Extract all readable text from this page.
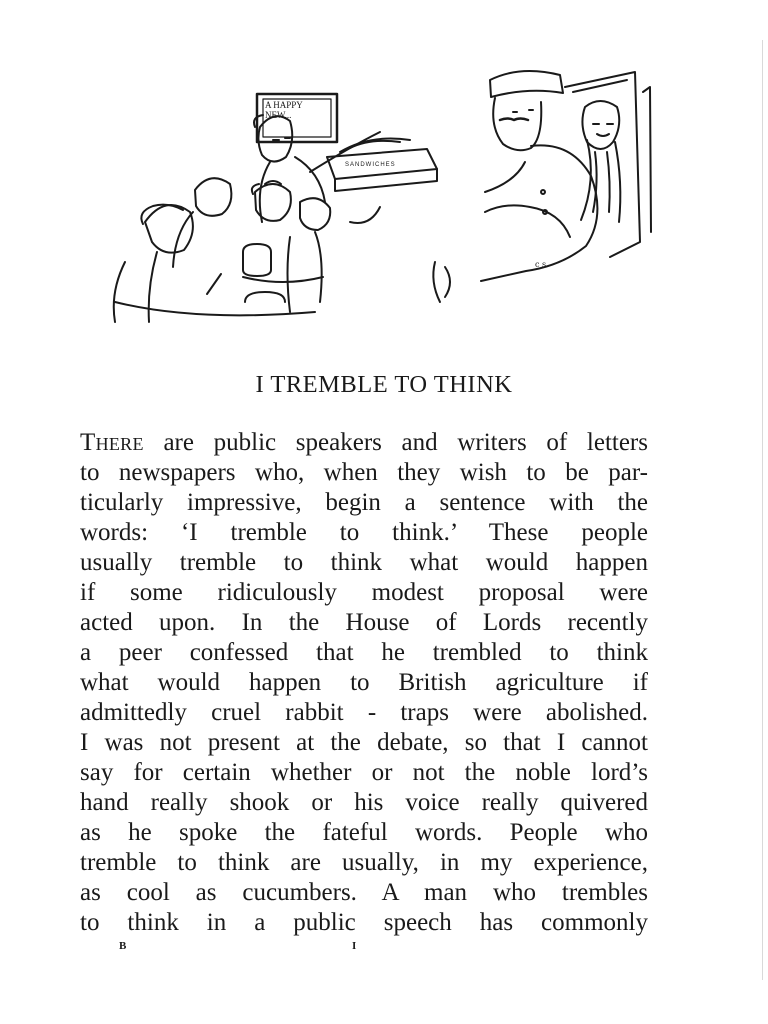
c s
A HAPPY NEW...
SANDWICHES
I TREMBLE TO THINK
There are public speakers and writers of letters
to newspapers who, when they wish to be par-
ticularly impressive, begin a sentence with the
words: ‘I tremble to think.’ These people
usually tremble to think what would happen
if some ridiculously modest proposal were
acted upon. In the House of Lords recently
a peer confessed that he trembled to think
what would happen to British agriculture if
admittedly cruel rabbit - traps were abolished.
I was not present at the debate, so that I cannot
say for certain whether or not the noble lord’s
hand really shook or his voice really quivered
as he spoke the fateful words. People who
tremble to think are usually, in my experience,
as cool as cucumbers. A man who trembles
to think in a public speech has commonly
B	I
